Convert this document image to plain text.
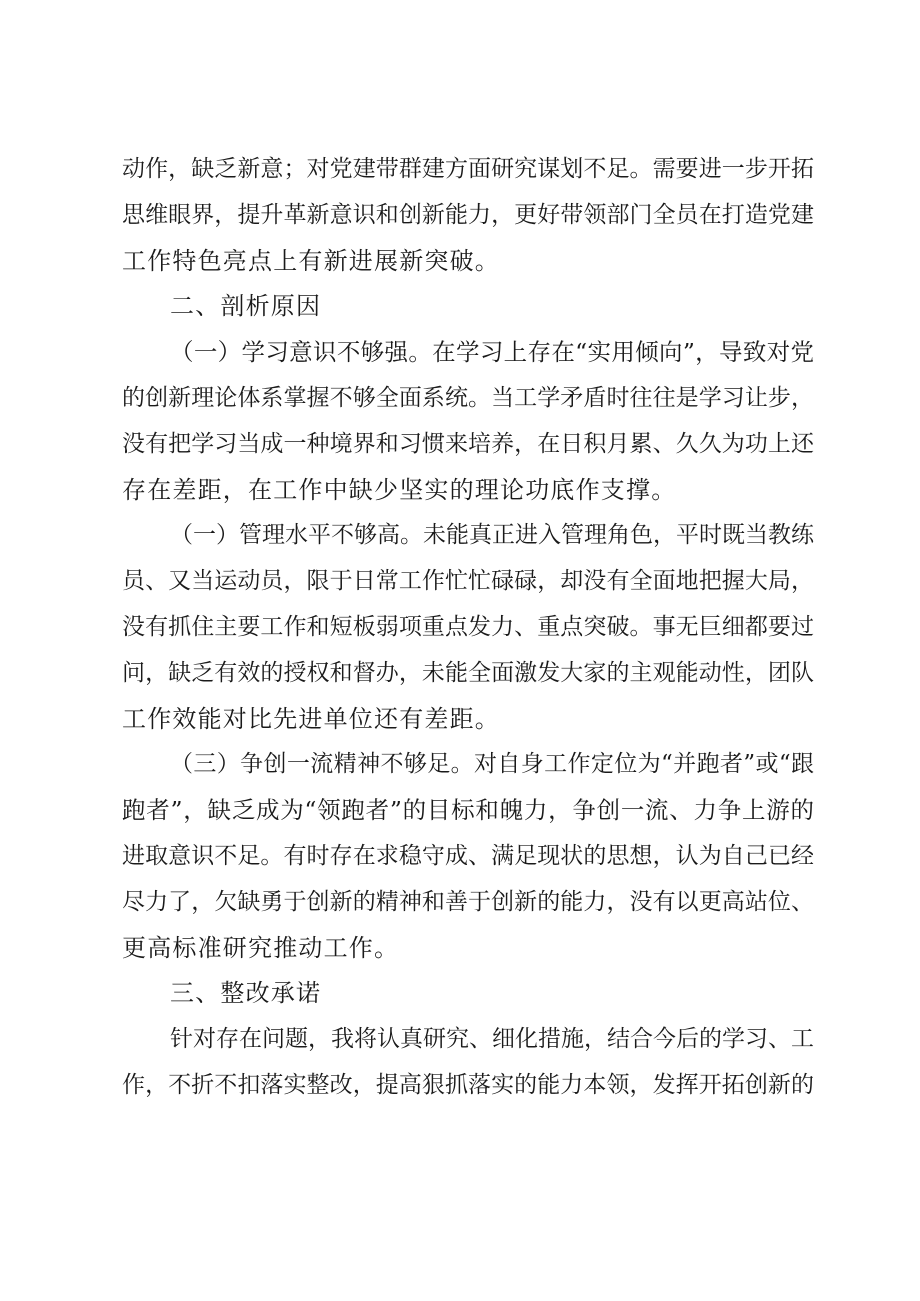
动作，缺乏新意；对党建带群建方面研究谋划不足。需要进一步开拓
思维眼界，提升革新意识和创新能力，更好带领部门全员在打造党建
工作特色亮点上有新进展新突破。
二、剖析原因
（一）学习意识不够强。在学习上存在“实用倾向”，导致对党
的创新理论体系掌握不够全面系统。当工学矛盾时往往是学习让步，
没有把学习当成一种境界和习惯来培养，在日积月累、久久为功上还
存在差距，在工作中缺少坚实的理论功底作支撑。
（一）管理水平不够高。未能真正进入管理角色，平时既当教练
员、又当运动员，限于日常工作忙忙碌碌，却没有全面地把握大局，
没有抓住主要工作和短板弱项重点发力、重点突破。事无巨细都要过
问，缺乏有效的授权和督办，未能全面激发大家的主观能动性，团队
工作效能对比先进单位还有差距。
（三）争创一流精神不够足。对自身工作定位为“并跑者”或“跟
跑者”，缺乏成为“领跑者”的目标和魄力，争创一流、力争上游的
进取意识不足。有时存在求稳守成、满足现状的思想，认为自己已经
尽力了，欠缺勇于创新的精神和善于创新的能力，没有以更高站位、
更高标准研究推动工作。
三、整改承诺
针对存在问题，我将认真研究、细化措施，结合今后的学习、工
作，不折不扣落实整改，提高狠抓落实的能力本领，发挥开拓创新的
